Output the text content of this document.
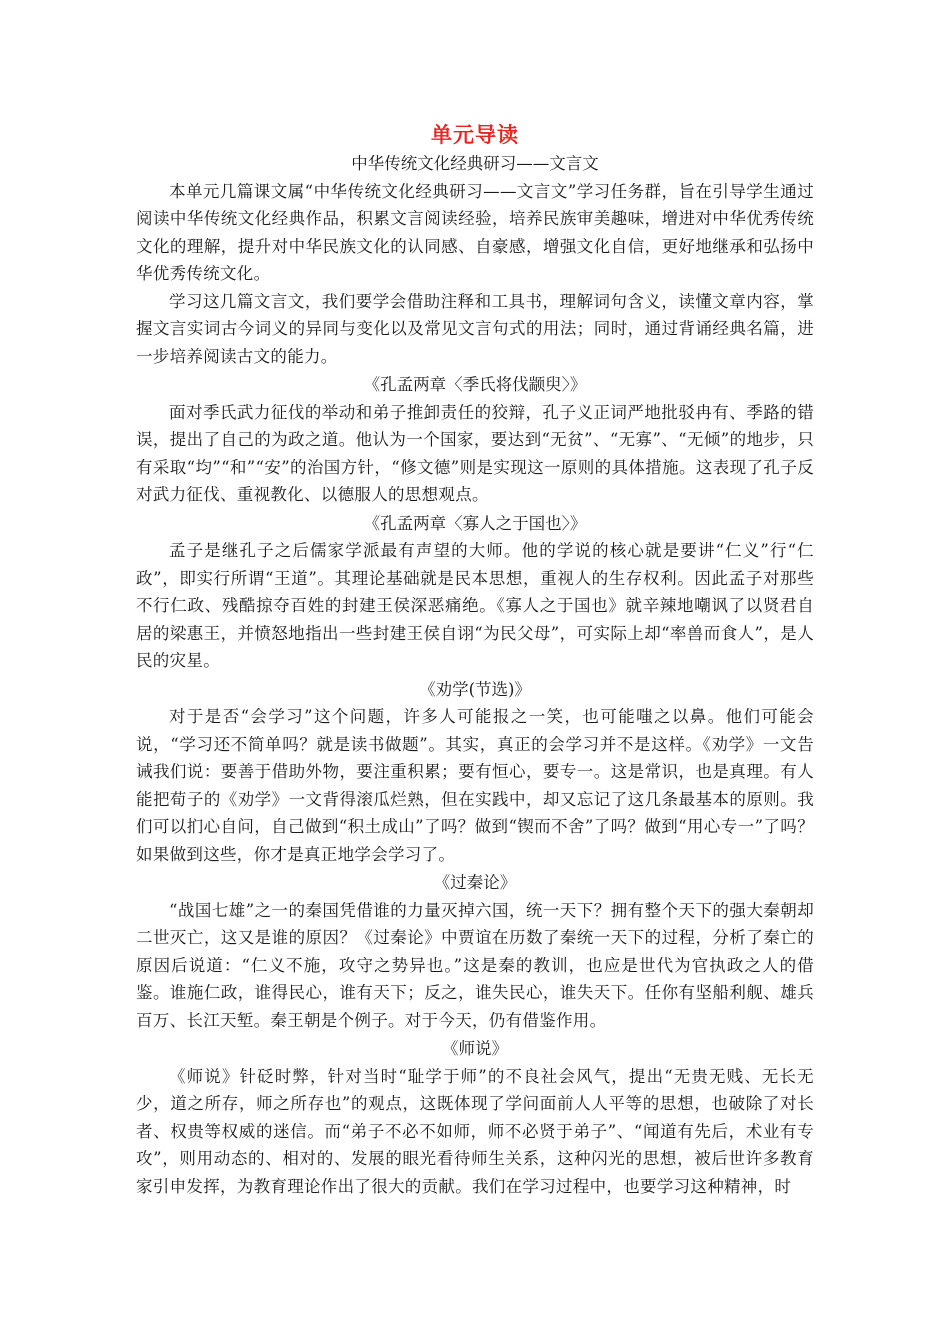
单元导读
中华传统文化经典研习——文言文

本单元几篇课文属“中华传统文化经典研习——文言文”学习任务群，旨在引导学生通过阅读中华传统文化经典作品，积累文言阅读经验，培养民族审美趣味，增进对中华优秀传统文化的理解，提升对中华民族文化的认同感、自豪感，增强文化自信，更好地继承和弘扬中华优秀传统文化。

学习这几篇文言文，我们要学会借助注释和工具书，理解词句含义，读懂文章内容，掌握文言实词古今词义的异同与变化以及常见文言句式的用法；同时，通过背诵经典名篇，进一步培养阅读古文的能力。

《孔孟两章〈季氏将伐颛臾〉》

面对季氏武力征伐的举动和弟子推卸责任的狡辩，孔子义正词严地批驳冉有、季路的错误，提出了自己的为政之道。他认为一个国家，要达到“无贫”、“无寡”、“无倾”的地步，只有采取“均”“和”“安”的治国方针，“修文德”则是实现这一原则的具体措施。这表现了孔子反对武力征伐、重视教化、以德服人的思想观点。

《孔孟两章〈寡人之于国也〉》

孟子是继孔子之后儒家学派最有声望的大师。他的学说的核心就是要讲“仁义”行“仁政”，即实行所谓“王道”。其理论基础就是民本思想，重视人的生存权利。因此孟子对那些不行仁政、残酷掠夺百姓的封建王侯深恶痛绝。《寡人之于国也》就辛辣地嘲讽了以贤君自居的梁惠王，并愤怒地指出一些封建王侯自诩“为民父母”，可实际上却“率兽而食人”，是人民的灾星。

《劝学(节选)》

对于是否“会学习”这个问题，许多人可能报之一笑，也可能嗤之以鼻。他们可能会说，“学习还不简单吗？就是读书做题”。其实，真正的会学习并不是这样。《劝学》一文告诫我们说：要善于借助外物，要注重积累；要有恒心，要专一。这是常识，也是真理。有人能把荀子的《劝学》一文背得滚瓜烂熟，但在实践中，却又忘记了这几条最基本的原则。我们可以扪心自问，自己做到“积土成山”了吗？做到“锲而不舍”了吗？做到“用心专一”了吗？如果做到这些，你才是真正地学会学习了。

《过秦论》

“战国七雄”之一的秦国凭借谁的力量灭掉六国，统一天下？拥有整个天下的强大秦朝却二世灭亡，这又是谁的原因？《过秦论》中贾谊在历数了秦统一天下的过程，分析了秦亡的原因后说道：“仁义不施，攻守之势异也。”这是秦的教训，也应是世代为官执政之人的借鉴。谁施仁政，谁得民心，谁有天下；反之，谁失民心，谁失天下。任你有坚船利舰、雄兵百万、长江天堑。秦王朝是个例子。对于今天，仍有借鉴作用。

《师说》

《师说》针砭时弊，针对当时“耻学于师”的不良社会风气，提出“无贵无贱、无长无少，道之所存，师之所存也”的观点，这既体现了学问面前人人平等的思想，也破除了对长者、权贵等权威的迷信。而“弟子不必不如师，师不必贤于弟子”、“闻道有先后，术业有专攻”，则用动态的、相对的、发展的眼光看待师生关系，这种闪光的思想，被后世许多教育家引申发挥，为教育理论作出了很大的贡献。我们在学习过程中，也要学习这种精神，时
